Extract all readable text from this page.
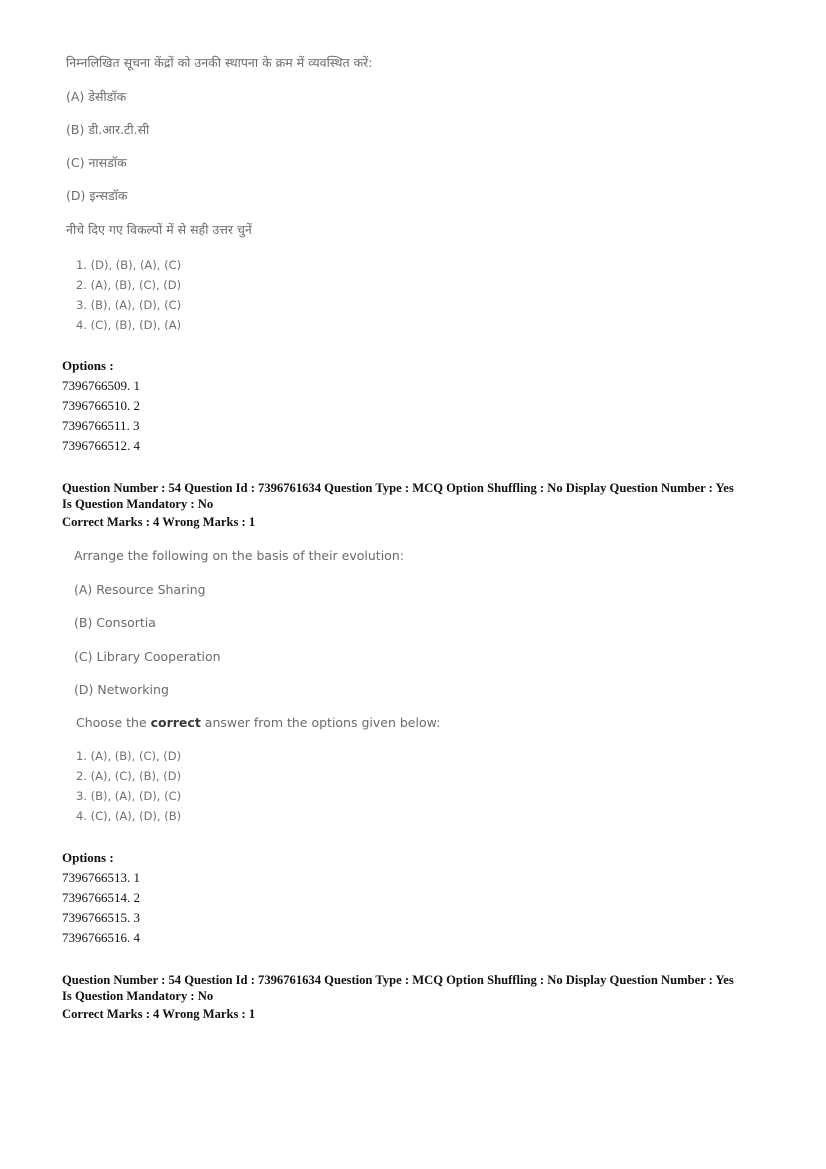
निम्नलिखित सूचना केंद्रों को उनकी स्थापना के क्रम में व्यवस्थित करें:
(A) डेसीडॉक
(B) डी.आर.टी.सी
(C) नासडॉक
(D) इन्सडॉक
नीचे दिए गए विकल्पों में से सही उत्तर चुनें
1. (D), (B), (A), (C)
2. (A), (B), (C), (D)
3. (B), (A), (D), (C)
4. (C), (B), (D), (A)
Options :
7396766509. 1
7396766510. 2
7396766511. 3
7396766512. 4
Question Number : 54 Question Id : 7396761634 Question Type : MCQ Option Shuffling : No Display Question Number : Yes
Is Question Mandatory : No
Correct Marks : 4 Wrong Marks : 1
Arrange the following on the basis of their evolution:
(A) Resource Sharing
(B) Consortia
(C) Library Cooperation
(D) Networking
Choose the correct answer from the options given below:
1. (A), (B), (C), (D)
2. (A), (C), (B), (D)
3. (B), (A), (D), (C)
4. (C), (A), (D), (B)
Options :
7396766513. 1
7396766514. 2
7396766515. 3
7396766516. 4
Question Number : 54 Question Id : 7396761634 Question Type : MCQ Option Shuffling : No Display Question Number : Yes
Is Question Mandatory : No
Correct Marks : 4 Wrong Marks : 1
